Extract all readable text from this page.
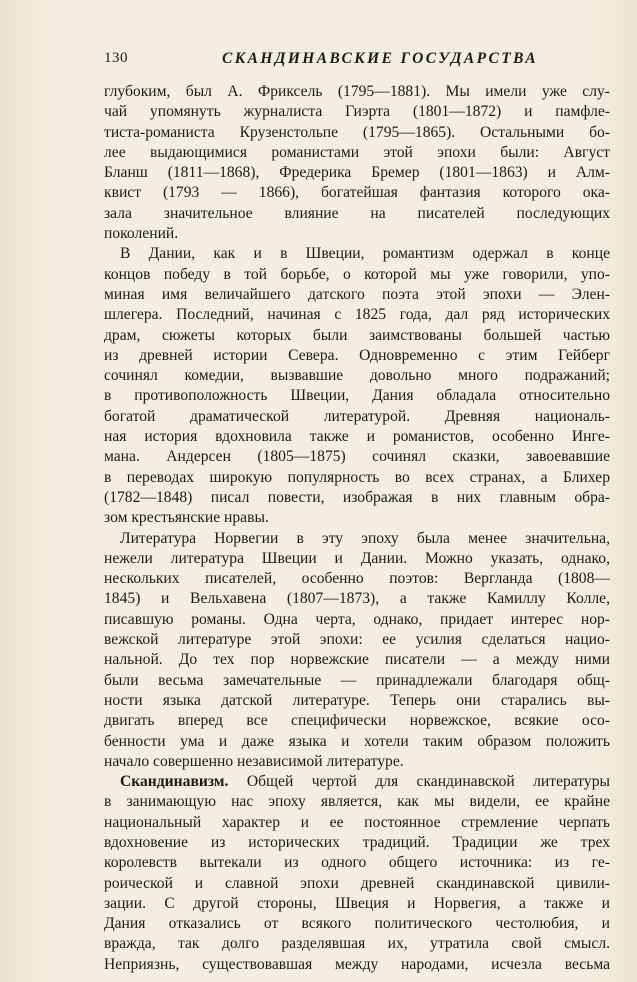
130	СКАНДИНАВСКИЕ ГОСУДАРСТВА
глубоким, был А. Фриксель (1795—1881). Мы имели уже слу-
чай упомянуть журналиста Гиэрта (1801—1872) и памфле-
тиста-романиста Крузенстольпе (1795—1865). Остальными бо-
лее выдающимися романистами этой эпохи были: Август
Бланш (1811—1868), Фредерика Бремер (1801—1863) и Алм-
квист (1793 — 1866), богатейшая фантазия которого ока-
зала значительное влияние на писателей последующих
поколений.
В Дании, как и в Швеции, романтизм одержал в конце
концов победу в той борьбе, о которой мы уже говорили, упо-
миная имя величайшего датского поэта этой эпохи — Элен-
шлегера. Последний, начиная с 1825 года, дал ряд исторических
драм, сюжеты которых были заимствованы большей частью
из древней истории Севера. Одновременно с этим Гейберг
сочинял комедии, вызвавшие довольно много подражаний;
в противоположность Швеции, Дания обладала относительно
богатой драматической литературой. Древняя националь-
ная история вдохновила также и романистов, особенно Ингe-
мана. Андерсен (1805—1875) сочинял сказки, завоевавшие
в переводах широкую популярность во всех странах, а Блихер
(1782—1848) писал повести, изображая в них главным обра-
зом крестьянские нравы.
Литература Норвегии в эту эпоху была менее значительна,
нежели литература Швеции и Дании. Можно указать, однако,
нескольких писателей, особенно поэтов: Вергланда (1808—
1845) и Вельхавена (1807—1873), а также Камиллу Колле,
писавшую романы. Одна черта, однако, придает интерес нор-
вежской литературе этой эпохи: ее усилия сделаться нацио-
нальной. До тех пор норвежские писатели — а между ними
были весьма замечательные — принадлежали благодаря общ-
ности языка датской литературе. Теперь они старались вы-
двигать вперед все специфически норвежское, всякие осо-
бенности ума и даже языка и хотели таким образом положить
начало совершенно независимой литературе.
Скандинавизм. Общей чертой для скандинавской литературы
в занимающую нас эпоху является, как мы видели, ее крайне
национальный характер и ее постоянное стремление черпать
вдохновение из исторических традиций. Традиции же трех
королевств вытекали из одного общего источника: из ге-
роической и славной эпохи древней скандинавской цивили-
зации. С другой стороны, Швеция и Норвегия, а также и
Дания отказались от всякого политического честолюбия, и
вражда, так долго разделявшая их, утратила свой смысл.
Неприязнь, существовавшая между народами, исчезла весьма
